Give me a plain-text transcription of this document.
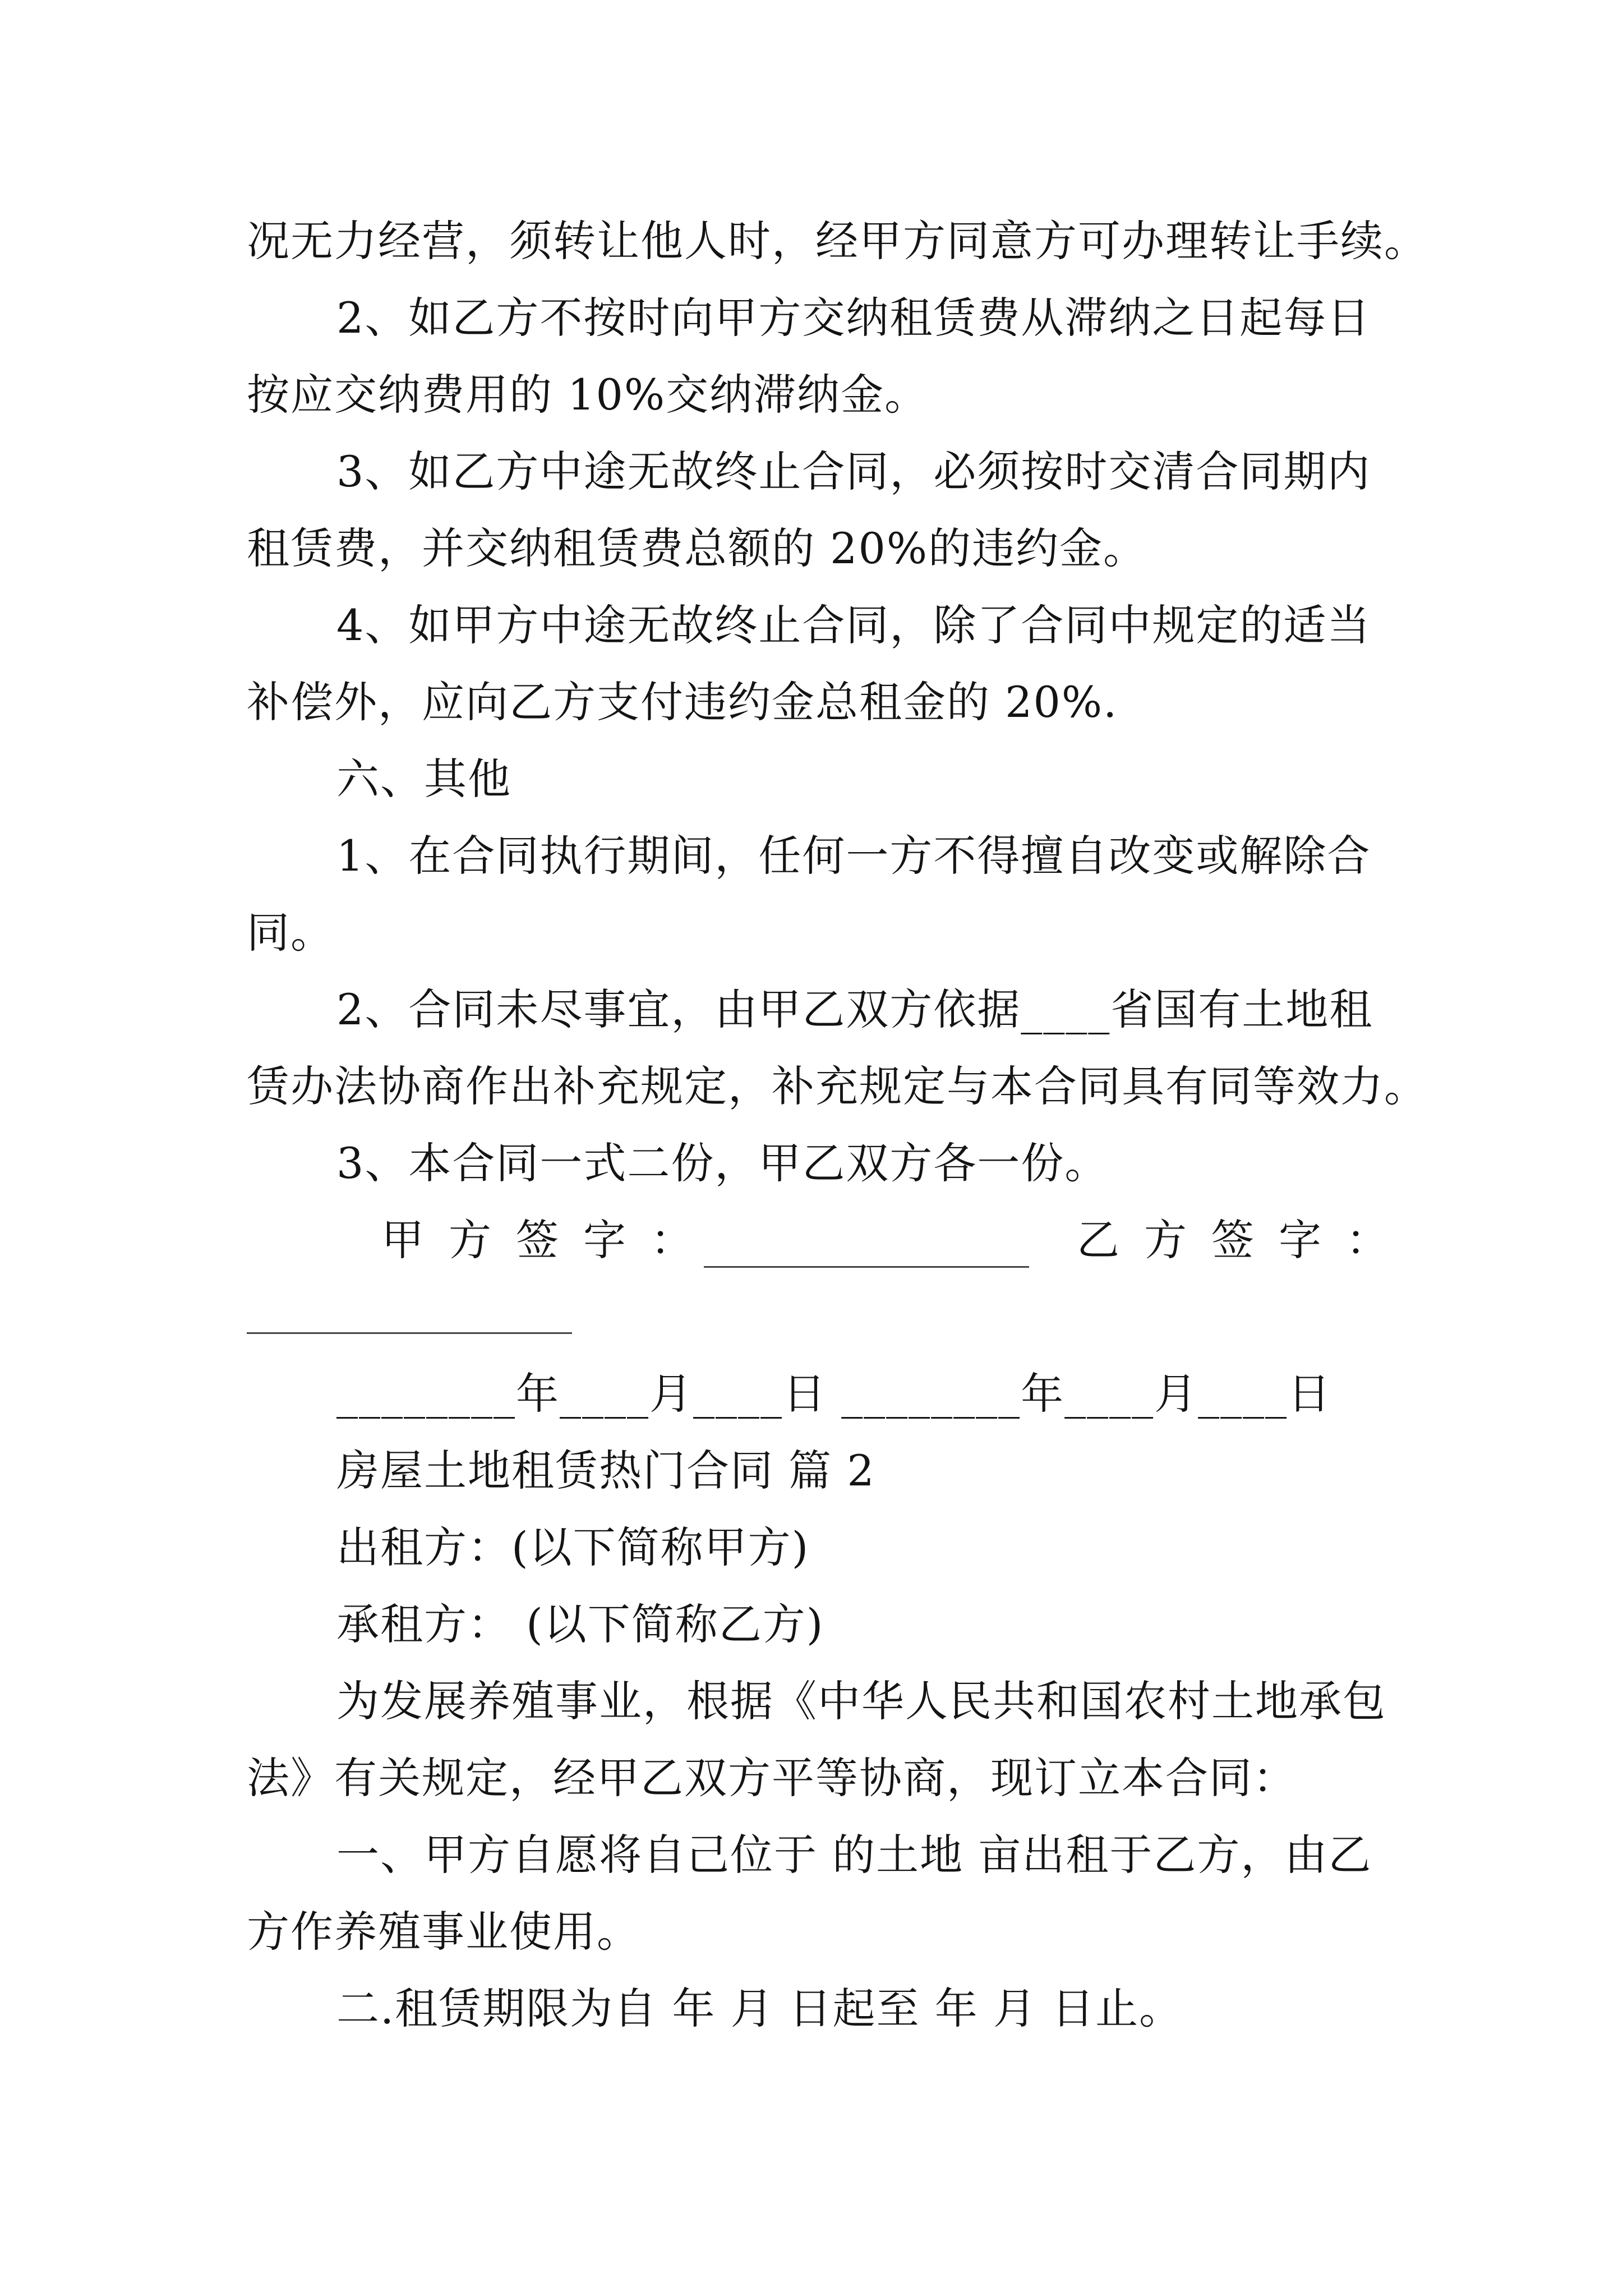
况无力经营，须转让他人时，经甲方同意方可办理转让手续。
2、如乙方不按时向甲方交纳租赁费从滞纳之日起每日
按应交纳费用的 10%交纳滞纳金。
3、如乙方中途无故终止合同，必须按时交清合同期内
租赁费，并交纳租赁费总额的 20%的违约金。
4、如甲方中途无故终止合同，除了合同中规定的适当
补偿外，应向乙方支付违约金总租金的 20%.
六、其他
1、在合同执行期间，任何一方不得擅自改变或解除合
同。
2、合同未尽事宜，由甲乙双方依据____省国有土地租
赁办法协商作出补充规定，补充规定与本合同具有同等效力。
3、本合同一式二份，甲乙双方各一份。
甲方签字：	乙方签字：
________年____月____日 ________年____月____日
房屋土地租赁热门合同 篇 2
出租方：(以下简称甲方)
承租方： (以下简称乙方)
为发展养殖事业，根据《中华人民共和国农村土地承包
法》有关规定，经甲乙双方平等协商，现订立本合同：
一、甲方自愿将自己位于 的土地 亩出租于乙方，由乙
方作养殖事业使用。
二.租赁期限为自 年 月 日起至 年 月 日止。
